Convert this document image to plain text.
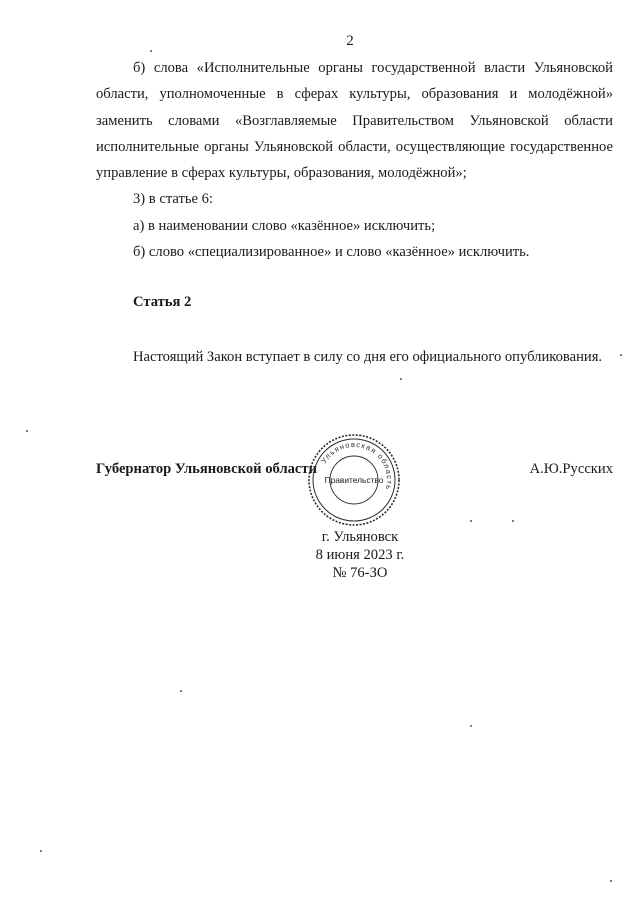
2

б) слова «Исполнительные органы государственной власти Ульяновской области, уполномоченные в сферах культуры, образования и молодёжной» заменить словами «Возглавляемые Правительством Ульяновской области исполнительные органы Ульяновской области, осуществляющие государственное управление в сферах культуры, образования, молодёжной»;

3) в статье 6:

а) в наименовании слово «казённое» исключить;

б) слово «специализированное» и слово «казённое» исключить.

Статья 2

Настоящий Закон вступает в силу со дня его официального опубликования.

Губернатор Ульяновской области	А.Ю.Русских
Ульяновская область
Правительство
г. Ульяновск
8 июня 2023 г.
№ 76-ЗО
